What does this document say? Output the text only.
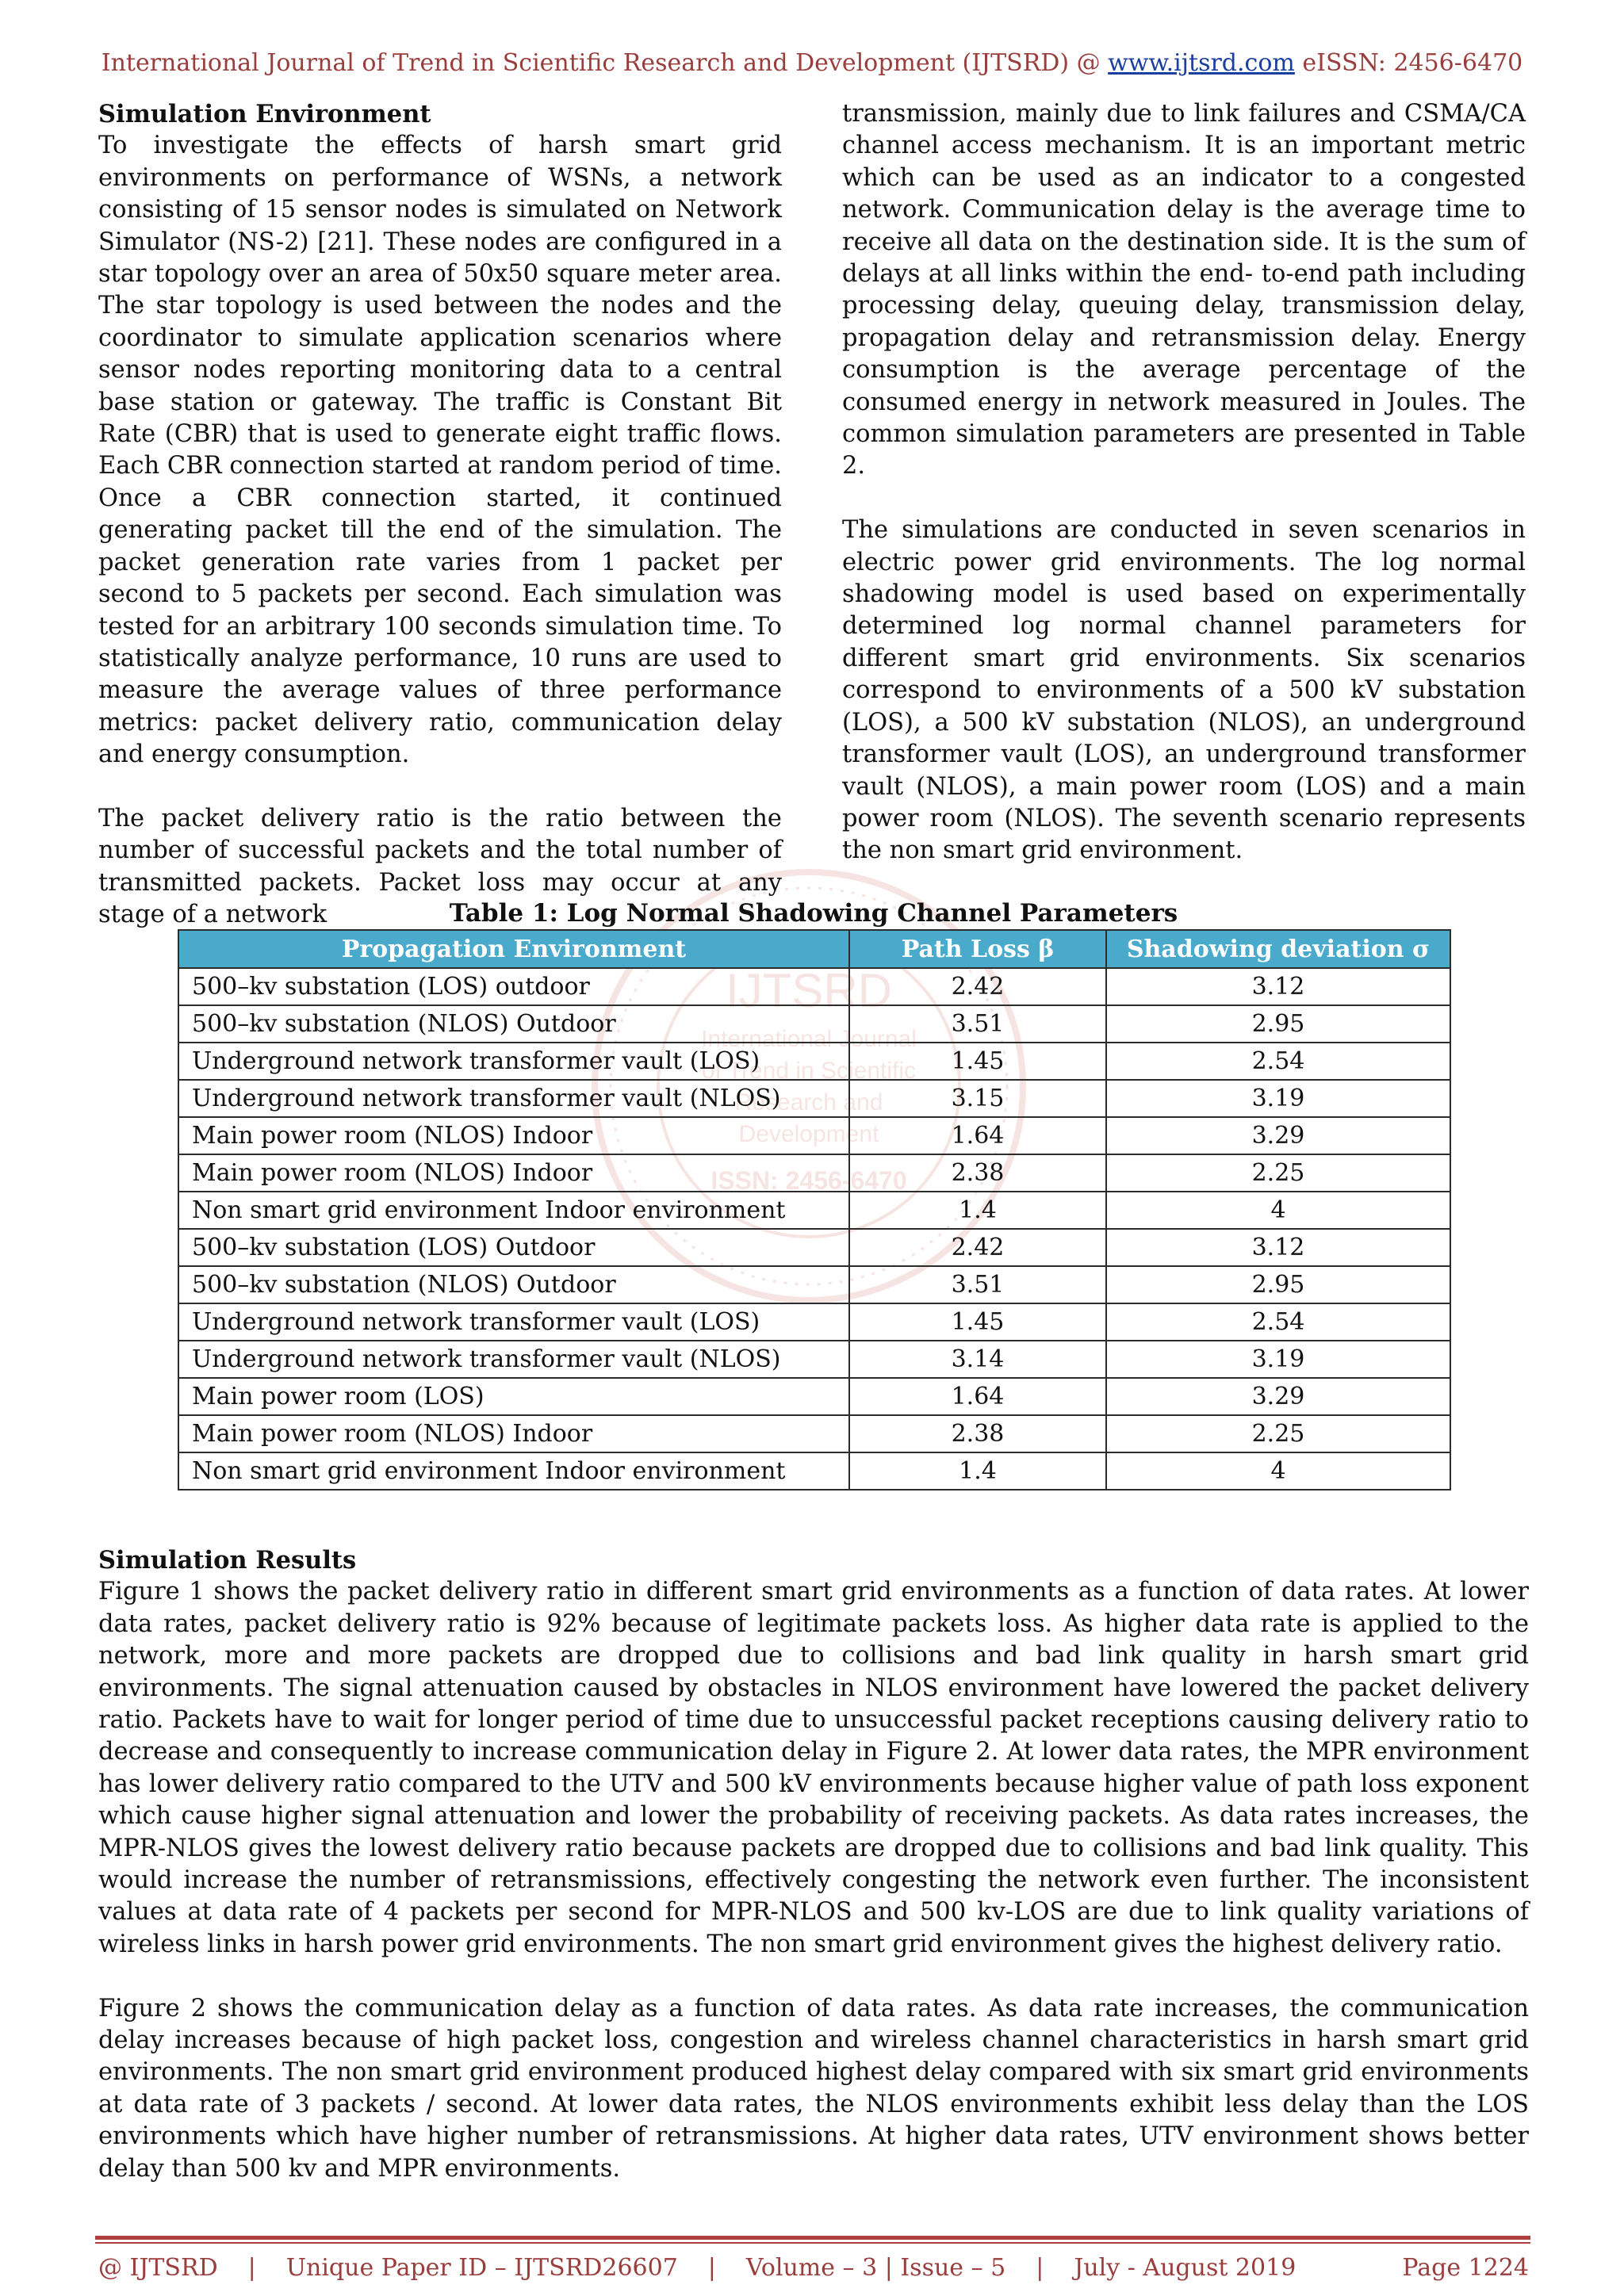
International Journal of Trend in Scientific Research and Development (IJTSRD) @ www.ijtsrd.com eISSN: 2456-6470
IJTSRD
International Journal
of Trend in Scientific
Research and
Development
ISSN: 2456-6470
Simulation Environment

To investigate the effects of harsh smart grid environments on performance of WSNs, a network consisting of 15 sensor nodes is simulated on Network Simulator (NS-2) [21]. These nodes are configured in a star topology over an area of 50x50 square meter area. The star topology is used between the nodes and the coordinator to simulate application scenarios where sensor nodes reporting monitoring data to a central base station or gateway. The traffic is Constant Bit Rate (CBR) that is used to generate eight traffic flows. Each CBR connection started at random period of time. Once a CBR connection started, it continued generating packet till the end of the simulation. The packet generation rate varies from 1 packet per second to 5 packets per second. Each simulation was tested for an arbitrary 100 seconds simulation time. To statistically analyze performance, 10 runs are used to measure the average values of three performance metrics: packet delivery ratio, communication delay and energy consumption.

The packet delivery ratio is the ratio between the number of successful packets and the total number of transmitted packets. Packet loss may occur at any stage of a network

transmission, mainly due to link failures and CSMA/CA channel access mechanism. It is an important metric which can be used as an indicator to a congested network. Communication delay is the average time to receive all data on the destination side. It is the sum of delays at all links within the end- to-end path including processing delay, queuing delay, transmission delay, propagation delay and retransmission delay. Energy consumption is the average percentage of the consumed energy in network measured in Joules. The common simulation parameters are presented in Table 2.

The simulations are conducted in seven scenarios in electric power grid environments. The log normal shadowing model is used based on experimentally determined log normal channel parameters for different smart grid environments. Six scenarios correspond to environments of a 500 kV substation (LOS), a 500 kV substation (NLOS), an underground transformer vault (LOS), an underground transformer vault (NLOS), a main power room (LOS) and a main power room (NLOS). The seventh scenario represents the non smart grid environment.

Table 1: Log Normal Shadowing Channel Parameters

Propagation Environment	Path Loss β	Shadowing deviation σ
500–kv substation (LOS) outdoor	2.42	3.12
500–kv substation (NLOS) Outdoor	3.51	2.95
Underground network transformer vault (LOS)	1.45	2.54
Underground network transformer vault (NLOS)	3.15	3.19
Main power room (NLOS) Indoor	1.64	3.29
Main power room (NLOS) Indoor	2.38	2.25
Non smart grid environment Indoor environment	1.4	4
500–kv substation (LOS) Outdoor	2.42	3.12
500–kv substation (NLOS) Outdoor	3.51	2.95
Underground network transformer vault (LOS)	1.45	2.54
Underground network transformer vault (NLOS)	3.14	3.19
Main power room (LOS)	1.64	3.29
Main power room (NLOS) Indoor	2.38	2.25
Non smart grid environment Indoor environment	1.4	4
Simulation Results

Figure 1 shows the packet delivery ratio in different smart grid environments as a function of data rates. At lower data rates, packet delivery ratio is 92% because of legitimate packets loss. As higher data rate is applied to the network, more and more packets are dropped due to collisions and bad link quality in harsh smart grid environments. The signal attenuation caused by obstacles in NLOS environment have lowered the packet delivery ratio. Packets have to wait for longer period of time due to unsuccessful packet receptions causing delivery ratio to decrease and consequently to increase communication delay in Figure 2. At lower data rates, the MPR environment has lower delivery ratio compared to the UTV and 500 kV environments because higher value of path loss exponent which cause higher signal attenuation and lower the probability of receiving packets. As data rates increases, the MPR-NLOS gives the lowest delivery ratio because packets are dropped due to collisions and bad link quality. This would increase the number of retransmissions, effectively congesting the network even further. The inconsistent values at data rate of 4 packets per second for MPR-NLOS and 500 kv-LOS are due to link quality variations of wireless links in harsh power grid environments. The non smart grid environment gives the highest delivery ratio.

Figure 2 shows the communication delay as a function of data rates. As data rate increases, the communication delay increases because of high packet loss, congestion and wireless channel characteristics in harsh smart grid environments. The non smart grid environment produced highest delay compared with six smart grid environments at data rate of 3 packets / second. At lower data rates, the NLOS environments exhibit less delay than the LOS environments which have higher number of retransmissions. At higher data rates, UTV environment shows better delay than 500 kv and MPR environments.

@ IJTSRD | Unique Paper ID – IJTSRD26607 | Volume – 3 | Issue – 5 | July - August 2019	Page 1224
